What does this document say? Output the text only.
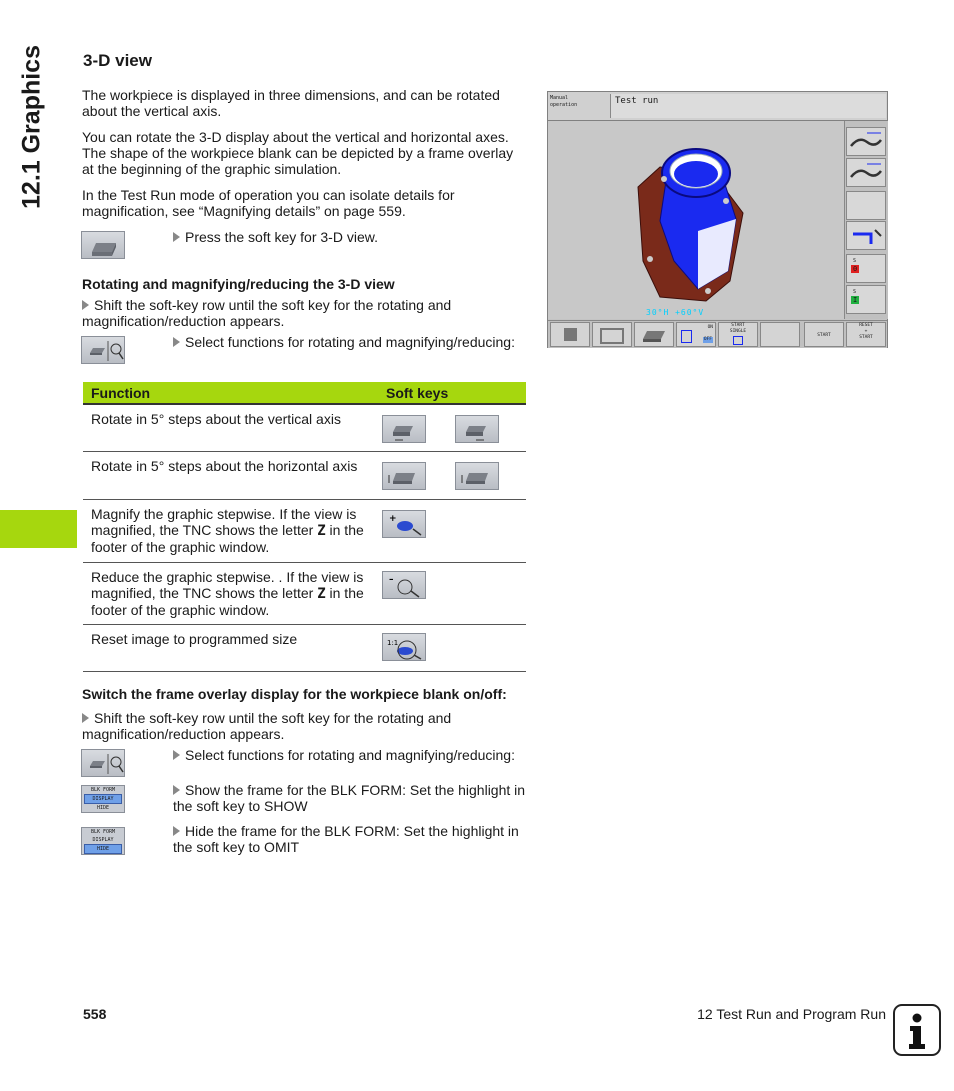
12.1 Graphics 3-D view

The workpiece is displayed in three dimensions, and can be rotated about the vertical axis.

You can rotate the 3-D display about the vertical and horizontal axes. The shape of the workpiece blank can be depicted by a frame overlay at the beginning of the graphic simulation.

In the Test Run mode of operation you can isolate details for magnification, see “Magnifying details” on page 559.

Press the soft key for 3-D view.

Rotating and magnifying/reducing the 3-D view

Shift the soft-key row until the soft key for the rotating and magnification/reduction appears.

Select functions for rotating and magnifying/reducing:

Function	Soft keys
Rotate in 5° steps about the vertical axis	

Rotate in 5° steps about the horizontal axis	

Magnify the graphic stepwise. If the view is magnified, the TNC shows the letter Z in the footer of the graphic window.	+

Reduce the graphic stepwise. . If the view is magnified, the TNC shows the letter Z in the footer of the graphic window.	–

Reset image to programmed size	1:1

Switch the frame overlay display for the workpiece blank on/off:

Shift the soft-key row until the soft key for the rotating and magnification/reduction appears.

Select functions for rotating and magnifying/reducing:

BLK FORM
DISPLAY
HIDE

Show the frame for the BLK FORM: Set the highlight in the soft key to SHOW

BLK FORM
DISPLAY
HIDE

Hide the frame for the BLK FORM: Set the highlight in the soft key to OMIT

Manual
operation	Test run
30°H +60°V
S
0
S
I
ON
OFF
START
SINGLE
START
RESET
+
START
558	12 Test Run and Program Run
